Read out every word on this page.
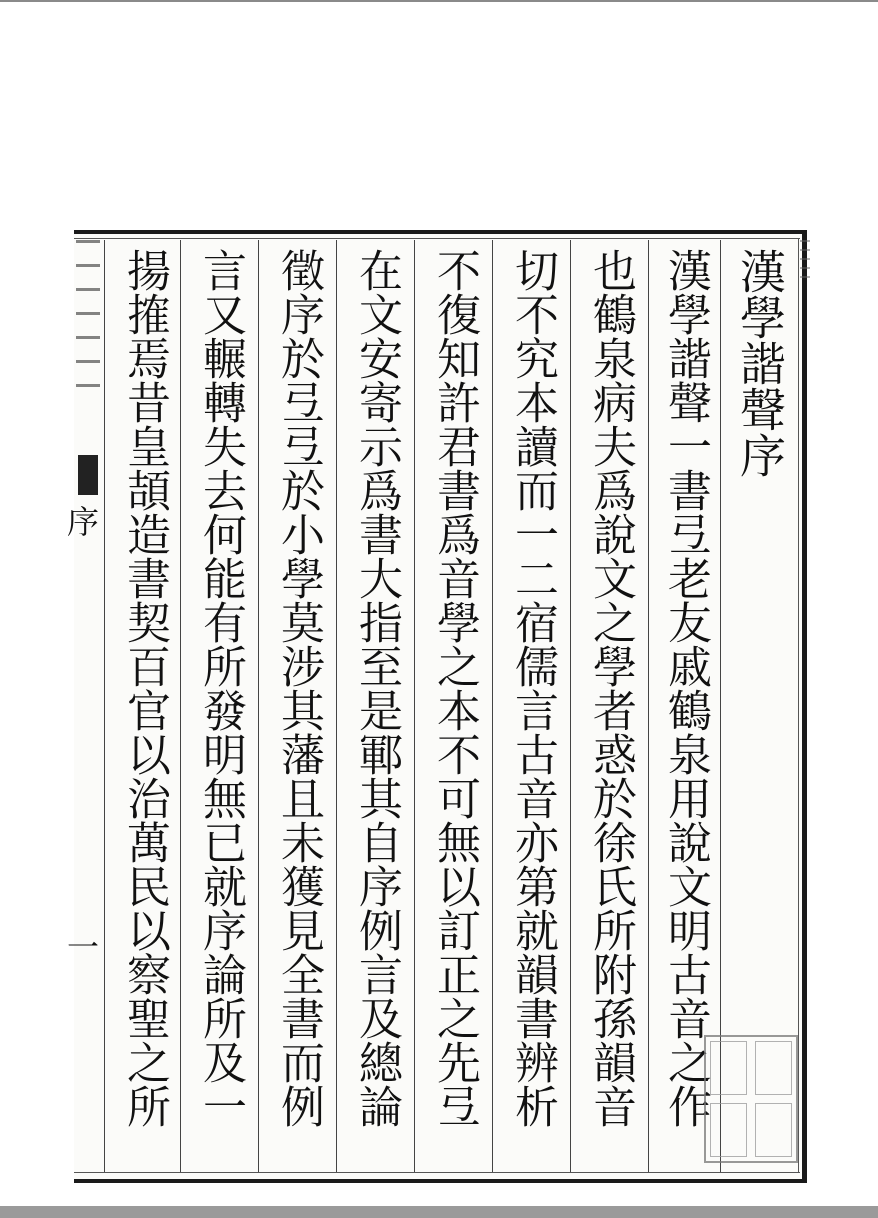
序
一
漢學諧聲序
漢學諧聲一書弖老友戚鶴泉用說文明古音之作
也鶴泉病夫爲說文之學者惑於徐氏所附孫韻音
切不究本讀而一二宿儒言古音亦第就韻書辨析
不復知許君書爲音學之本不可無以訂正之先弖
在文安寄示爲書大指至是鄆其自序例言及總論
徵序於弖弖於小學莫涉其藩且未獲見全書而例
言又輾轉失去何能有所發明無已就序論所及一
揚搉焉昔皇頡造書契百官以治萬民以察聖之所
